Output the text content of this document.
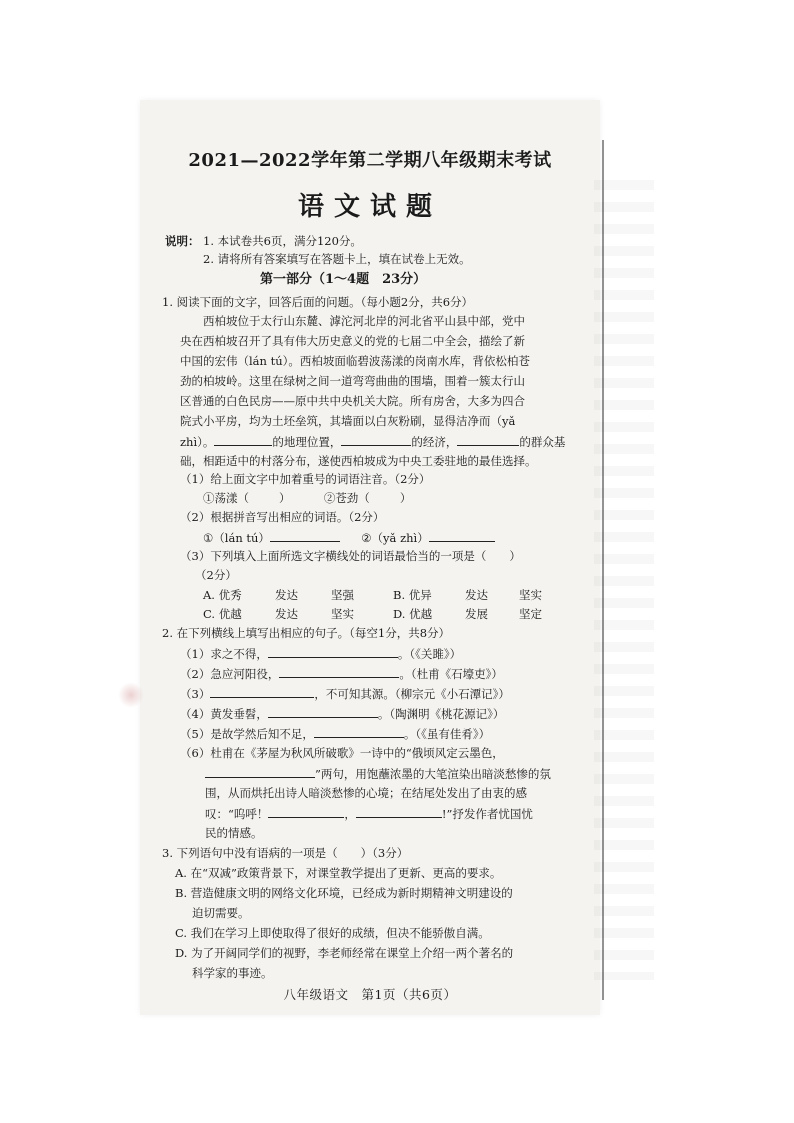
2021—2022学年第二学期八年级期末考试
语文试题
说明： 1. 本试卷共6页，满分120分。
2. 请将所有答案填写在答题卡上，填在试卷上无效。
第一部分（1～4题　23分）
1. 阅读下面的文字，回答后面的问题。（每小题2分，共6分）
西柏坡位于太行山东麓、滹沱河北岸的河北省平山县中部，党中
央在西柏坡召开了具有伟大历史意义的党的七届二中全会，描绘了新
中国的宏伟（lán tú）。西柏坡面临碧波荡漾的岗南水库，背依松柏苍
劲的柏坡岭。这里在绿树之间一道弯弯曲曲的围墙，围着一簇太行山
区普通的白色民房——原中共中央机关大院。所有房舍，大多为四合
院式小平房，均为土坯垒筑，其墙面以白灰粉刷，显得洁净而（yǎ
zhì）。	的地理位置，	的经济，	的群众基
础，相距适中的村落分布，遂使西柏坡成为中央工委驻地的最佳选择。
（1）给上面文字中加着重号的词语注音。（2分）
①荡漾（	）	②苍劲（	）
（2）根据拼音写出相应的词语。（2分）
①（lán tú）	②（yǎ zhì）
（3）下列填入上面所选文字横线处的词语最恰当的一项是（　　）
（2分）
A. 优秀	发达	坚强	B. 优异	发达	坚实
C. 优越	发达	坚实	D. 优越	发展	坚定
2. 在下列横线上填写出相应的句子。（每空1分，共8分）
（1）求之不得，	。（《关雎》）
（2）急应河阳役，	。（杜甫《石壕吏》）
（3）	，不可知其源。（柳宗元《小石潭记》）
（4）黄发垂髫，	。（陶渊明《桃花源记》）
（5）是故学然后知不足，	。（《虽有佳肴》）
（6）杜甫在《茅屋为秋风所破歌》一诗中的“俄顷风定云墨色，
”两句，用饱蘸浓墨的大笔渲染出暗淡愁惨的氛
围，从而烘托出诗人暗淡愁惨的心境；在结尾处发出了由衷的感
叹：“呜呼！	，	!”抒发作者忧国忧
民的情感。
3. 下列语句中没有语病的一项是（　　）（3分）
A. 在“双减”政策背景下，对课堂教学提出了更新、更高的要求。
B. 营造健康文明的网络文化环境，已经成为新时期精神文明建设的
迫切需要。
C. 我们在学习上即使取得了很好的成绩，但决不能骄傲自满。
D. 为了开阔同学们的视野，李老师经常在课堂上介绍一两个著名的
科学家的事迹。
八年级语文　第1页（共6页）
